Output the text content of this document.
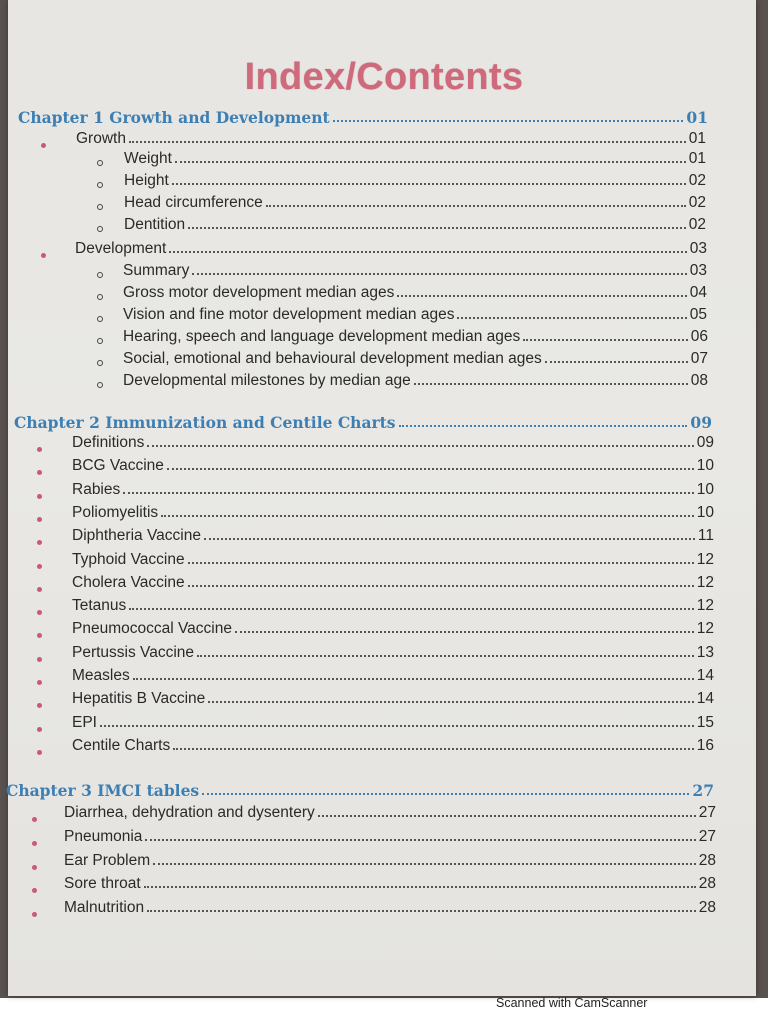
Index/Contents
Chapter 1 Growth and Development	01
Growth	01
Weight	01
Height	02
Head circumference	02
Dentition	02
Development	03
Summary	03
Gross motor development median ages	04
Vision and fine motor development median ages	05
Hearing, speech and language development median ages	06
Social, emotional and behavioural development median ages	07
Developmental milestones by median age	08
Chapter 2 Immunization and Centile Charts	09
Definitions	09
BCG Vaccine	10
Rabies	10
Poliomyelitis	10
Diphtheria Vaccine	11
Typhoid Vaccine	12
Cholera Vaccine	12
Tetanus	12
Pneumococcal Vaccine	12
Pertussis Vaccine	13
Measles	14
Hepatitis B Vaccine	14
EPI	15
Centile Charts	16
Chapter 3 IMCI tables	27
Diarrhea, dehydration and dysentery	27
Pneumonia	27
Ear Problem	28
Sore throat	28
Malnutrition	28
Scanned with CamScanner
